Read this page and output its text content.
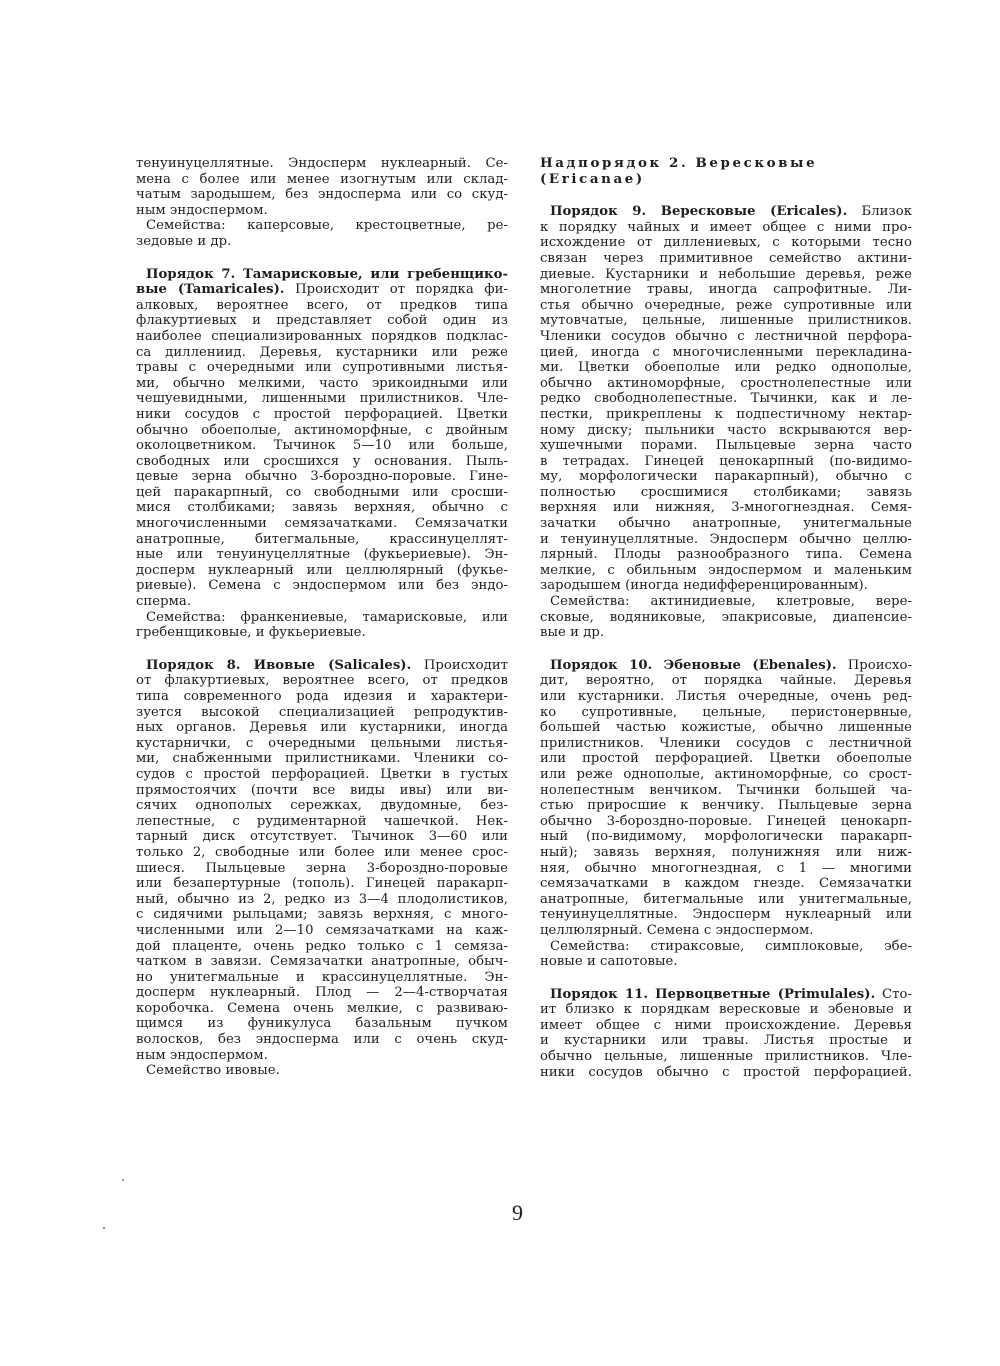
тенуинуцеллятные. Эндосперм нуклеарный. Се-
мена с более или менее изогнутым или склад-
чатым зародышем, без эндосперма или со скуд-
ным эндоспермом.
Семейства: каперсовые, крестоцветные, ре-
зедовые и др.
Порядок 7. Тамарисковые, или гребенщико-
вые (Tamaricales). Происходит от порядка фи-
алковых, вероятнее всего, от предков типа
флакуртиевых и представляет собой один из
наиболее специализированных порядков подклас-
са диллениид. Деревья, кустарники или реже
травы с очередными или супротивными листья-
ми, обычно мелкими, часто эрикоидными или
чешуевидными, лишенными прилистников. Чле-
ники сосудов с простой перфорацией. Цветки
обычно обоеполые, актиноморфные, с двойным
околоцветником. Тычинок 5—10 или больше,
свободных или сросшихся у основания. Пыль-
цевые зерна обычно 3-бороздно-поровые. Гине-
цей паракарпный, со свободными или сросши-
мися столбиками; завязь верхняя, обычно с
многочисленными семязачатками. Семязачатки
анатропные, битегмальные, крассинуцеллят-
ные или тенуинуцеллятные (фукьериевые). Эн-
досперм нуклеарный или целлюлярный (фукье-
риевые). Семена с эндоспермом или без эндо-
сперма.
Семейства: франкениевые, тамарисковые, или
гребенщиковые, и фукьериевые.
Порядок 8. Ивовые (Salicales). Происходит
от флакуртиевых, вероятнее всего, от предков
типа современного рода идезия и характери-
зуется высокой специализацией репродуктив-
ных органов. Деревья или кустарники, иногда
кустарнички, с очередными цельными листья-
ми, снабженными прилистниками. Членики со-
судов с простой перфорацией. Цветки в густых
прямостоячих (почти все виды ивы) или ви-
сячих однополых сережках, двудомные, без-
лепестные, с рудиментарной чашечкой. Нек-
тарный диск отсутствует. Тычинок 3—60 или
только 2, свободные или более или менее срос-
шиеся. Пыльцевые зерна 3-бороздно-поровые
или безапертурные (тополь). Гинецей паракарп-
ный, обычно из 2, редко из 3—4 плодолистиков,
с сидячими рыльцами; завязь верхняя, с много-
численными или 2—10 семязачатками на каж-
дой плаценте, очень редко только с 1 семяза-
чатком в завязи. Семязачатки анатропные, обыч-
но унитегмальные и крассинуцеллятные. Эн-
досперм нуклеарный. Плод — 2—4-створчатая
коробочка. Семена очень мелкие, с развиваю-
щимся из фуникулуса базальным пучком
волосков, без эндосперма или с очень скуд-
ным эндоспермом.
Семейство ивовые.
Надпорядок 2. Вересковые
(Ericanae)
Порядок 9. Вересковые (Ericales). Близок
к порядку чайных и имеет общее с ними про-
исхождение от диллениевых, с которыми тесно
связан через примитивное семейство актини-
диевые. Кустарники и небольшие деревья, реже
многолетние травы, иногда сапрофитные. Ли-
стья обычно очередные, реже супротивные или
мутовчатые, цельные, лишенные прилистников.
Членики сосудов обычно с лестничной перфора-
цией, иногда с многочисленными перекладина-
ми. Цветки обоеполые или редко однополые,
обычно актиноморфные, сростнолепестные или
редко свободнолепестные. Тычинки, как и ле-
пестки, прикреплены к подпестичному нектар-
ному диску; пыльники часто вскрываются вер-
хушечными порами. Пыльцевые зерна часто
в тетрадах. Гинецей ценокарпный (по-видимо-
му, морфологически паракарпный), обычно с
полностью сросшимися столбиками; завязь
верхняя или нижняя, 3-многогнездная. Семя-
зачатки обычно анатропные, унитегмальные
и тенуинуцеллятные. Эндосперм обычно целлю-
лярный. Плоды разнообразного типа. Семена
мелкие, с обильным эндоспермом и маленьким
зародышем (иногда недифференцированным).
Семейства: актинидиевые, клетровые, вере-
сковые, водяниковые, эпакрисовые, диапенсие-
вые и др.
Порядок 10. Эбеновые (Ebenales). Происхо-
дит, вероятно, от порядка чайные. Деревья
или кустарники. Листья очередные, очень ред-
ко супротивные, цельные, перистонервные,
большей частью кожистые, обычно лишенные
прилистников. Членики сосудов с лестничной
или простой перфорацией. Цветки обоеполые
или реже однополые, актиноморфные, со срост-
нолепестным венчиком. Тычинки большей ча-
стью приросшие к венчику. Пыльцевые зерна
обычно 3-бороздно-поровые. Гинецей ценокарп-
ный (по-видимому, морфологически паракарп-
ный); завязь верхняя, полунижняя или ниж-
няя, обычно многогнездная, с 1 — многими
семязачатками в каждом гнезде. Семязачатки
анатропные, битегмальные или унитегмальные,
тенуинуцеллятные. Эндосперм нуклеарный или
целлюлярный. Семена с эндоспермом.
Семейства: стираксовые, симплоковые, эбе-
новые и сапотовые.
Порядок 11. Первоцветные (Primulales). Сто-
ит близко к порядкам вересковые и эбеновые и
имеет общее с ними происхождение. Деревья
и кустарники или травы. Листья простые и
обычно цельные, лишенные прилистников. Чле-
ники сосудов обычно с простой перфорацией.
9
